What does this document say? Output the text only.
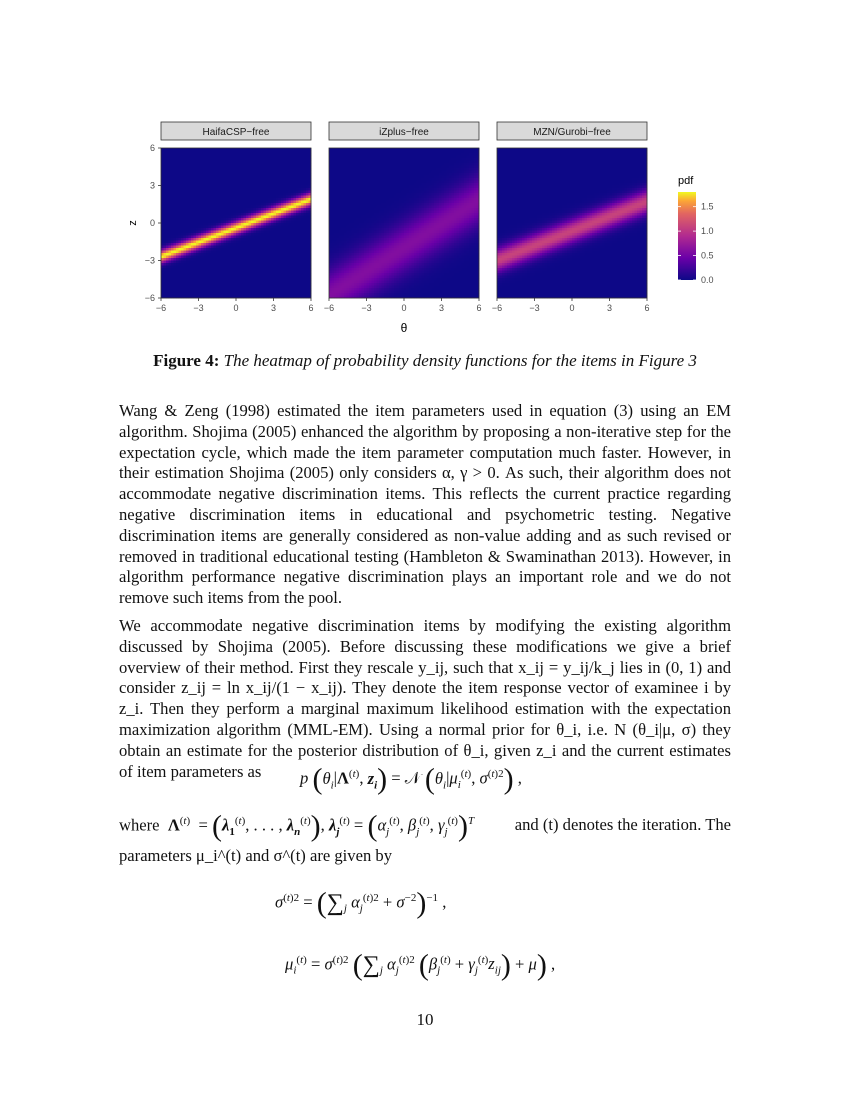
HaifaCSP−free
−6	−3	0	3	6
6
3
0
−3
−6
iZplus−free
−6	−3	0	3	6
MZN/Gurobi−free
−6	−3	0	3	6
z
θ
pdf
0.0
0.5
1.0
1.5
Figure 4: The heatmap of probability density functions for the items in Figure 3
Wang & Zeng (1998) estimated the item parameters used in equation (3) using an EM algorithm. Shojima (2005) enhanced the algorithm by proposing a non-iterative step for the expectation cycle, which made the item parameter computation much faster. However, in their estimation Shojima (2005) only considers α, γ > 0. As such, their algorithm does not accommodate negative discrimination items. This reflects the current practice regarding negative discrimination items in educational and psychometric testing. Negative discrimination items are generally considered as non-value adding and as such revised or removed in traditional educational testing (Hambleton & Swaminathan 2013). However, in algorithm performance negative discrimination plays an important role and we do not remove such items from the pool.
We accommodate negative discrimination items by modifying the existing algorithm discussed by Shojima (2005). Before discussing these modifications we give a brief overview of their method. First they rescale y_ij, such that x_ij = y_ij/k_j lies in (0, 1) and consider z_ij = ln x_ij/(1 − x_ij). They denote the item response vector of examinee i by z_i. Then they perform a marginal maximum likelihood estimation with the expectation maximization algorithm (MML-EM). Using a normal prior for θ_i, i.e. N (θ_i|μ, σ) they obtain an estimate for the posterior distribution of θ_i, given z_i and the current estimates of item parameters as	p ($\theta_i|\Lambda^{(t)}$, $z_i$) = 𝒩 ($\theta_i|\mu_i^{(t)}$, $\sigma^{(t)2}$) ,
where $\Lambda^{(t)} = (\lambda_1^{(t)}$, . . . , $\lambda_n^{(t)}$), $\lambda_j^{(t)} = (\alpha_j^{(t)}$, $\beta_j^{(t)}$, $\gamma_j^{(t)})^T$ and (t) denotes the iteration. The
parameters μ_i^(t) and σ^(t) are given by
$\sigma^{(t)2} = (\sum_j$ $\alpha_j^{(t)2} + \sigma^{-2})^{-1}$ ,
$\mu_i^{(t)} = \sigma^{(t)2}$ ($\sum_j$ $\alpha_j^{(t)2}$ $(\beta_j^{(t)} + \gamma_j^{(t)}z_{ij}) + \mu$) ,
10
